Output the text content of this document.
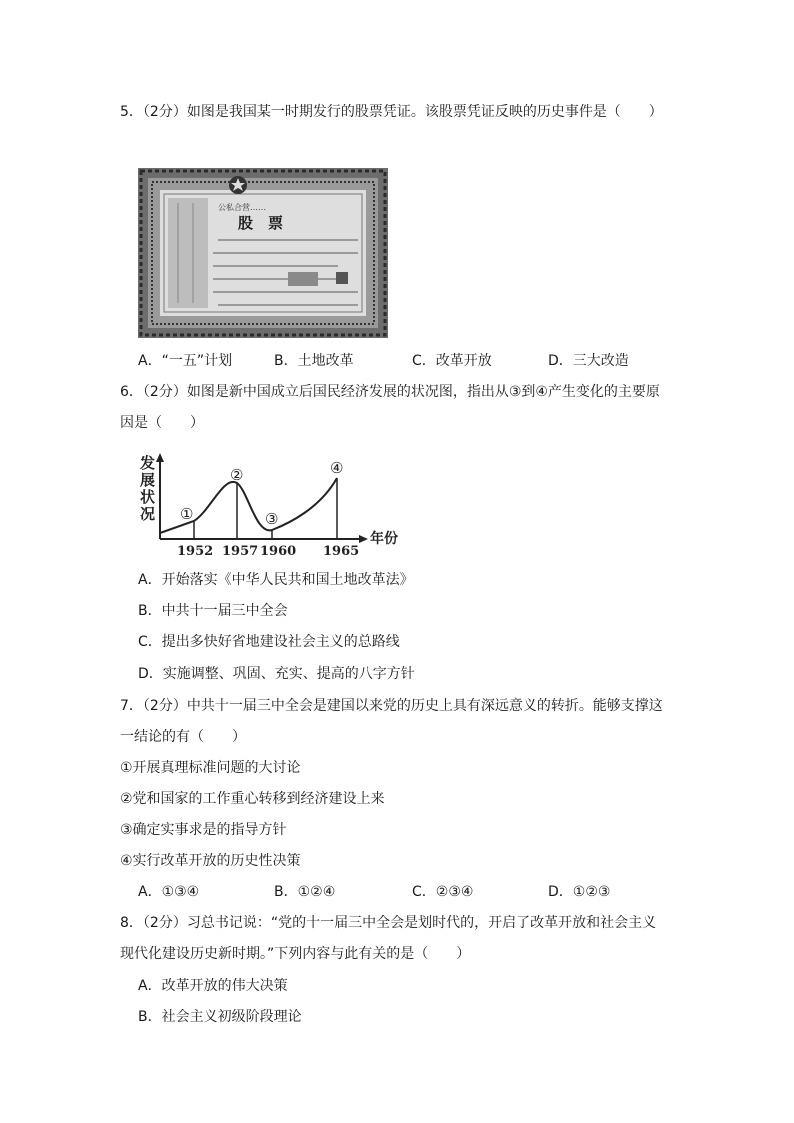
5．（2分）如图是我国某一时期发行的股票凭证。该股票凭证反映的历史事件是（　　）
公私合营……
股　票
A．“一五”计划	B．土地改革	C．改革开放	D．三大改造
6．（2分）如图是新中国成立后国民经济发展的状况图，指出从③到④产生变化的主要原
因是（　　）
发
展
状
况
年份
①
②
③
④
1952 1957 1960 1965
A．开始落实《中华人民共和国土地改革法》
B．中共十一届三中全会
C．提出多快好省地建设社会主义的总路线
D．实施调整、巩固、充实、提高的八字方针
7．（2分）中共十一届三中全会是建国以来党的历史上具有深远意义的转折。能够支撑这
一结论的有（　　）
①开展真理标准问题的大讨论
②党和国家的工作重心转移到经济建设上来
③确定实事求是的指导方针
④实行改革开放的历史性决策
A．①③④	B．①②④	C．②③④	D．①②③
8．（2分）习总书记说：“党的十一届三中全会是划时代的，开启了改革开放和社会主义
现代化建设历史新时期。”下列内容与此有关的是（　　）
A．改革开放的伟大决策
B．社会主义初级阶段理论
